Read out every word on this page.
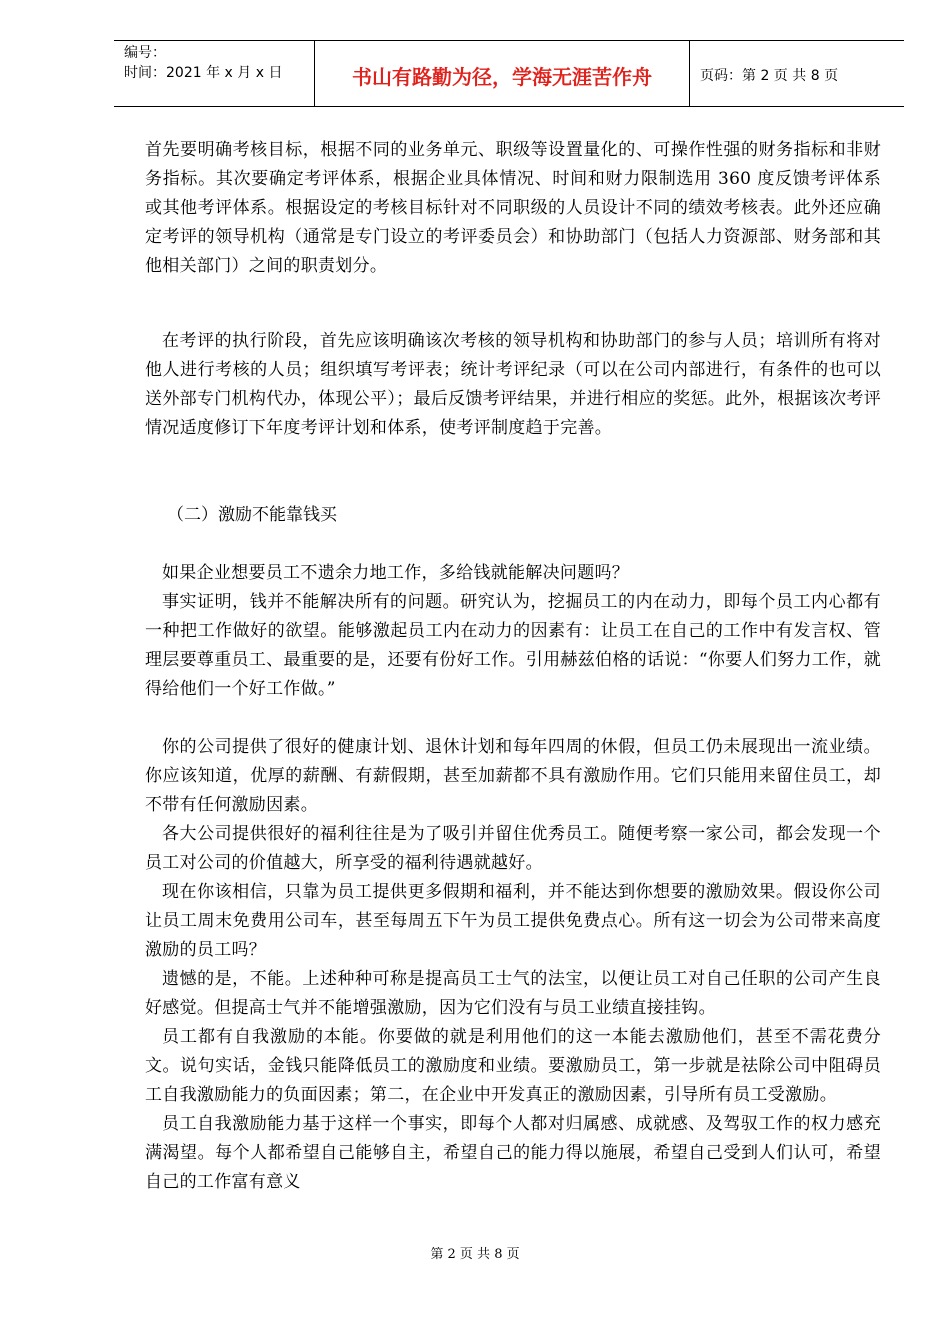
编号：
时间：2021 年 x 月 x 日	书山有路勤为径，学海无涯苦作舟	页码：第 2 页 共 8 页

首先要明确考核目标，根据不同的业务单元、职级等设置量化的、可操作性强的财务指标和非财务指标。其次要确定考评体系，根据企业具体情况、时间和财力限制选用 360 度反馈考评体系或其他考评体系。根据设定的考核目标针对不同职级的人员设计不同的绩效考核表。此外还应确定考评的领导机构（通常是专门设立的考评委员会）和协助部门（包括人力资源部、财务部和其他相关部门）之间的职责划分。

在考评的执行阶段，首先应该明确该次考核的领导机构和协助部门的参与人员；培训所有将对他人进行考核的人员；组织填写考评表；统计考评纪录（可以在公司内部进行，有条件的也可以送外部专门机构代办，体现公平）；最后反馈考评结果，并进行相应的奖惩。此外，根据该次考评情况适度修订下年度考评计划和体系，使考评制度趋于完善。

（二）激励不能靠钱买

如果企业想要员工不遗余力地工作，多给钱就能解决问题吗？

事实证明，钱并不能解决所有的问题。研究认为，挖掘员工的内在动力，即每个员工内心都有一种把工作做好的欲望。能够激起员工内在动力的因素有：让员工在自己的工作中有发言权、管理层要尊重员工、最重要的是，还要有份好工作。引用赫兹伯格的话说：“你要人们努力工作，就得给他们一个好工作做。”

你的公司提供了很好的健康计划、退休计划和每年四周的休假，但员工仍未展现出一流业绩。你应该知道，优厚的薪酬、有薪假期，甚至加薪都不具有激励作用。它们只能用来留住员工，却不带有任何激励因素。

各大公司提供很好的福利往往是为了吸引并留住优秀员工。随便考察一家公司，都会发现一个员工对公司的价值越大，所享受的福利待遇就越好。

现在你该相信，只靠为员工提供更多假期和福利，并不能达到你想要的激励效果。假设你公司让员工周末免费用公司车，甚至每周五下午为员工提供免费点心。所有这一切会为公司带来高度激励的员工吗？

遗憾的是，不能。上述种种可称是提高员工士气的法宝，以便让员工对自己任职的公司产生良好感觉。但提高士气并不能增强激励，因为它们没有与员工业绩直接挂钩。

员工都有自我激励的本能。你要做的就是利用他们的这一本能去激励他们，甚至不需花费分文。说句实话，金钱只能降低员工的激励度和业绩。要激励员工，第一步就是祛除公司中阻碍员工自我激励能力的负面因素；第二，在企业中开发真正的激励因素，引导所有员工受激励。

员工自我激励能力基于这样一个事实，即每个人都对归属感、成就感、及驾驭工作的权力感充满渴望。每个人都希望自己能够自主，希望自己的能力得以施展，希望自己受到人们认可，希望自己的工作富有意义

第 2 页 共 8 页
